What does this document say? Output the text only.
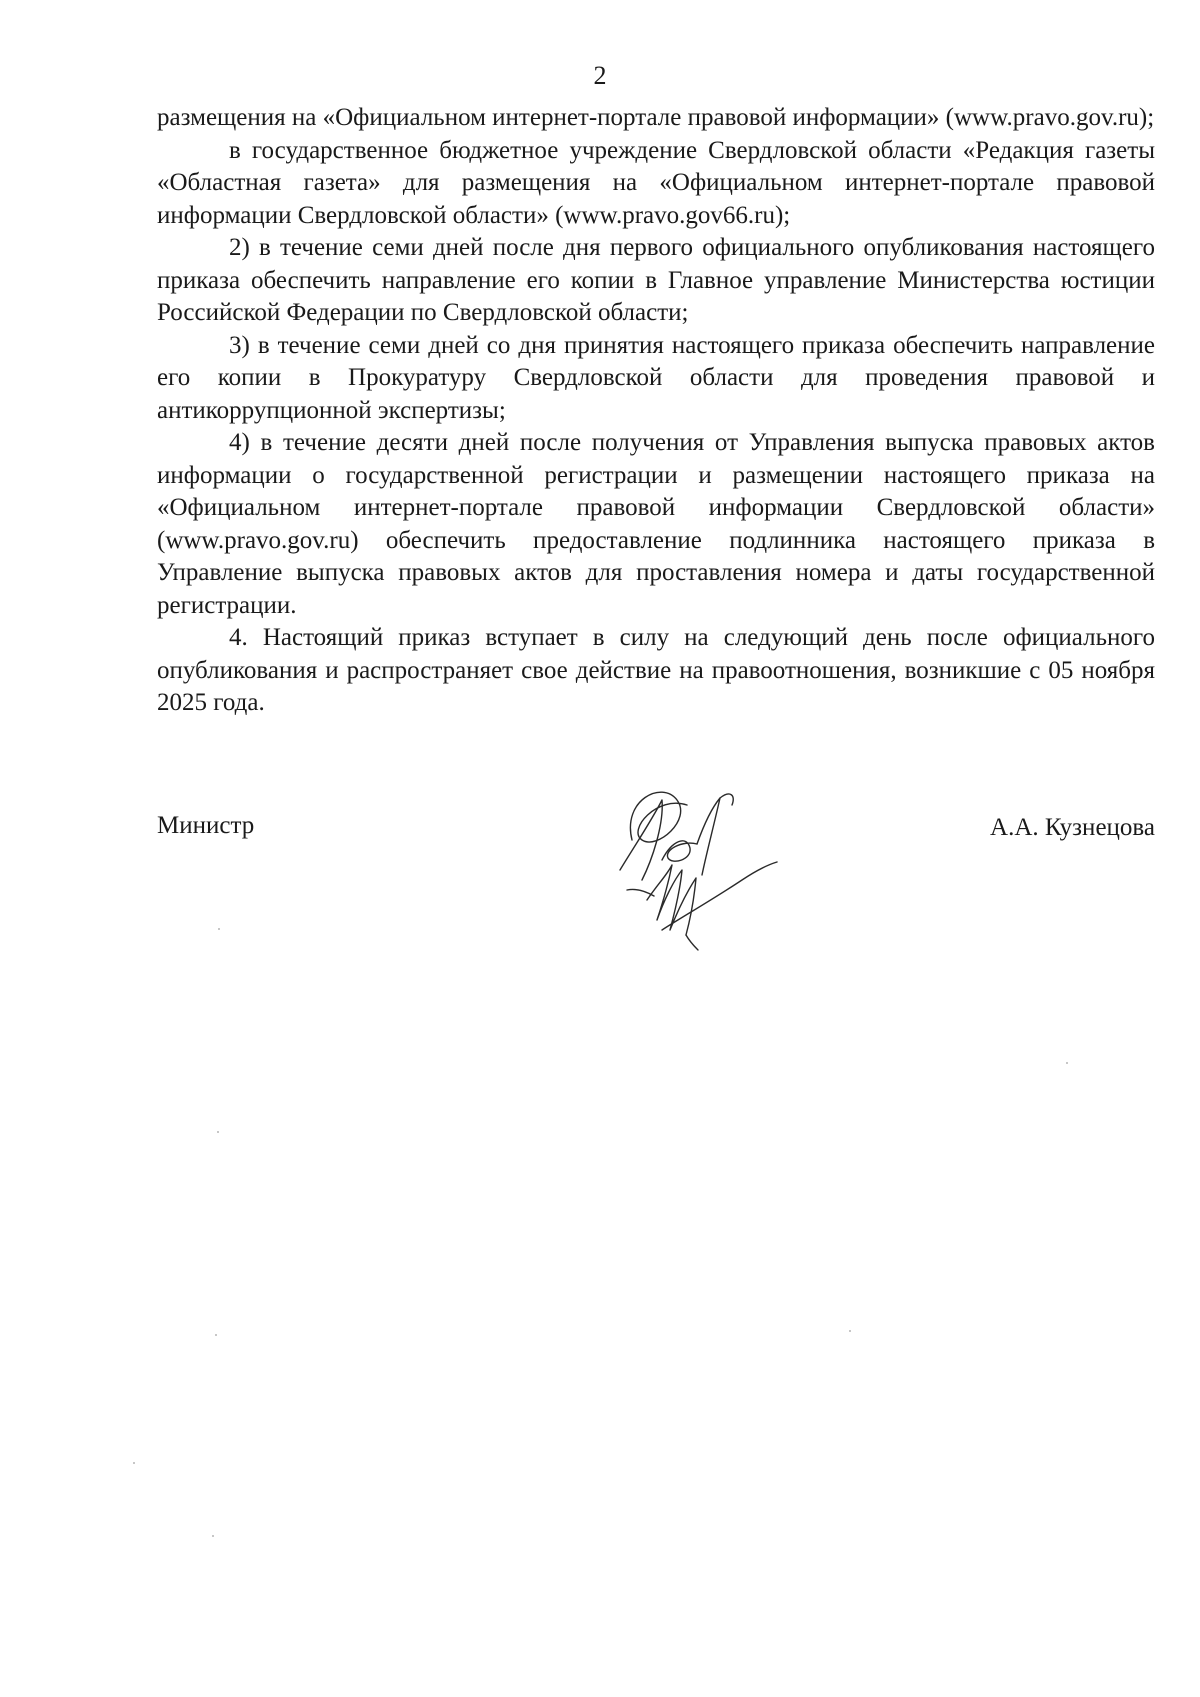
2

размещения на «Официальном интернет-портале правовой информации» (www.pravo.gov.ru);

в государственное бюджетное учреждение Свердловской области «Редакция газеты «Областная газета» для размещения на «Официальном интернет-портале правовой информации Свердловской области» (www.pravo.gov66.ru);

2) в течение семи дней после дня первого официального опубликования настоящего приказа обеспечить направление его копии в Главное управление Министерства юстиции Российской Федерации по Свердловской области;

3) в течение семи дней со дня принятия настоящего приказа обеспечить направление его копии в Прокуратуру Свердловской области для проведения правовой и антикоррупционной экспертизы;

4) в течение десяти дней после получения от Управления выпуска правовых актов информации о государственной регистрации и размещении настоящего приказа на «Официальном интернет-портале правовой информации Свердловской области» (www.pravo.gov.ru) обеспечить предоставление подлинника настоящего приказа в Управление выпуска правовых актов для проставления номера и даты государственной регистрации.

4. Настоящий приказ вступает в силу на следующий день после официального опубликования и распространяет свое действие на правоотношения, возникшие с 05 ноября 2025 года.

Министр	А.А. Кузнецова
